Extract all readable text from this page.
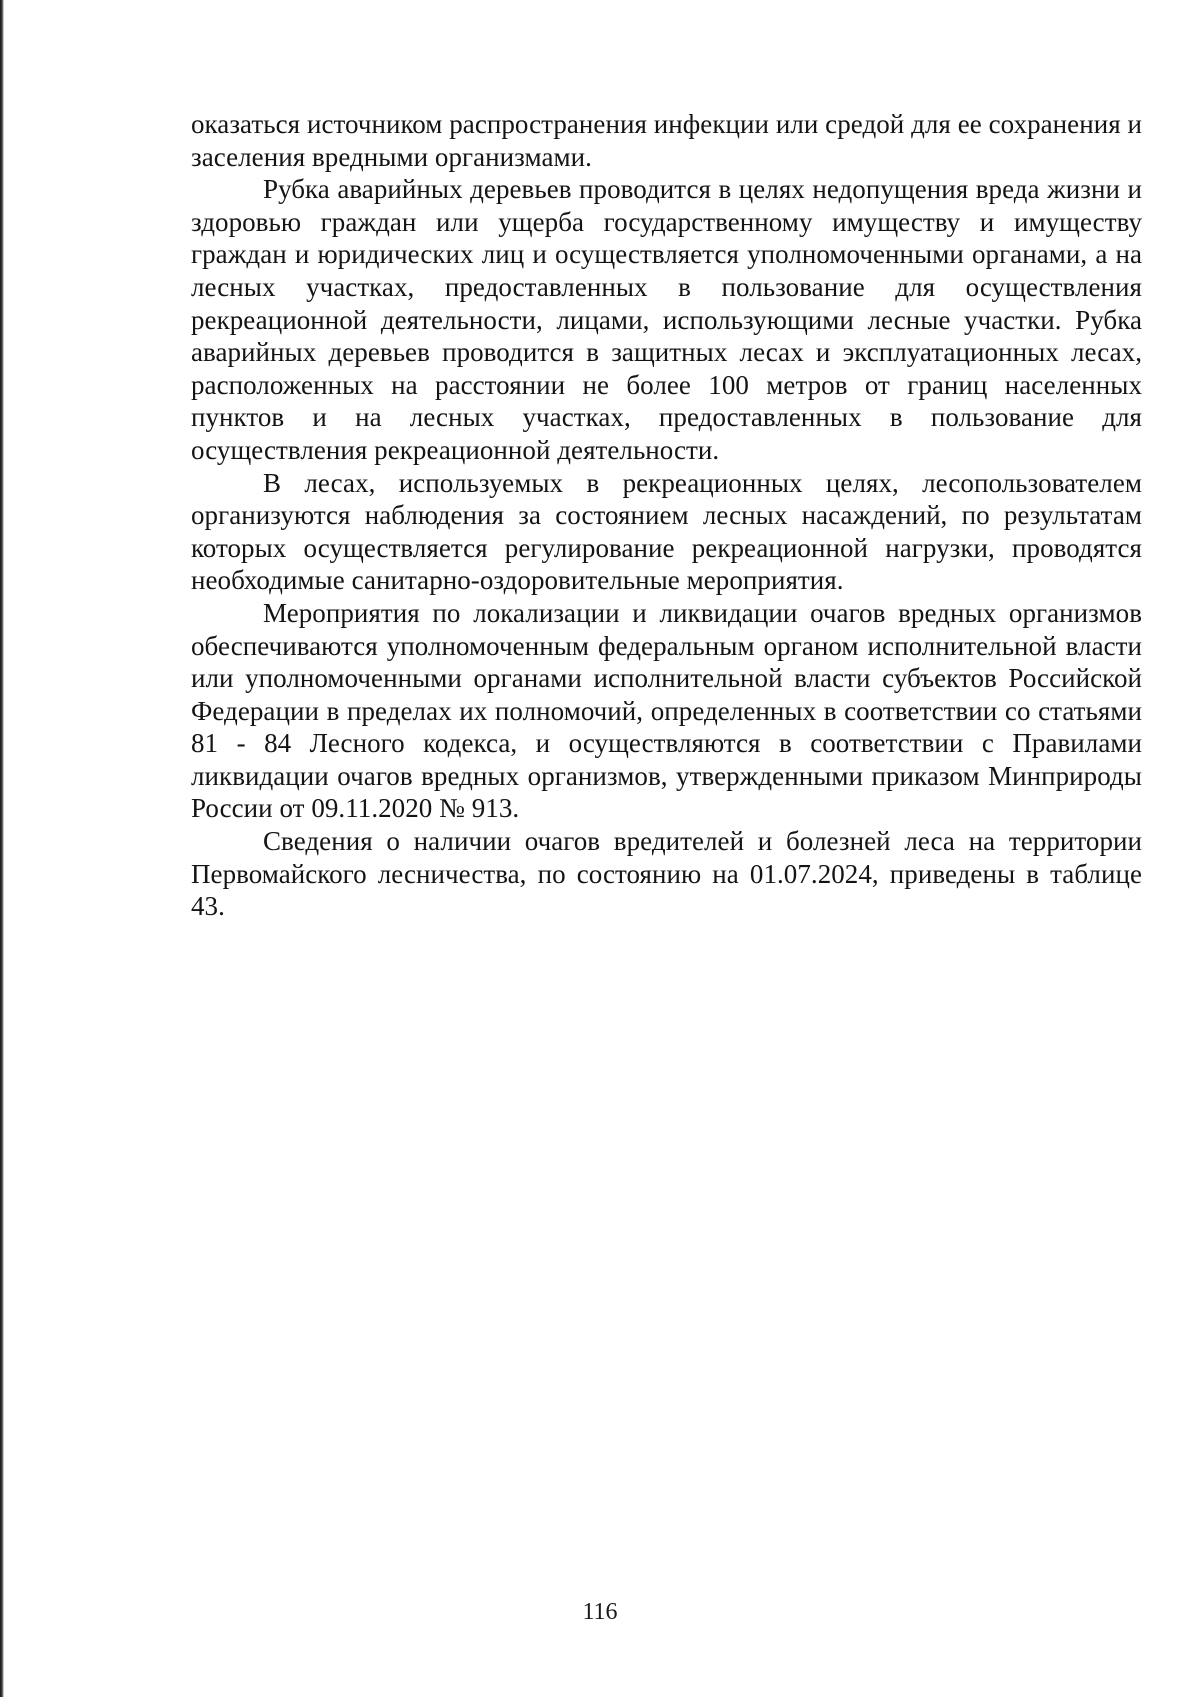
оказаться источником распространения инфекции или средой для ее сохранения и заселения вредными организмами.

Рубка аварийных деревьев проводится в целях недопущения вреда жизни и здоровью граждан или ущерба государственному имуществу и имуществу граждан и юридических лиц и осуществляется уполномоченными органами, а на лесных участках, предоставленных в пользование для осуществления рекреационной деятельности, лицами, использующими лесные участки. Рубка аварийных деревьев проводится в защитных лесах и эксплуатационных лесах, расположенных на расстоянии не более 100 метров от границ населенных пунктов и на лесных участках, предоставленных в пользование для осуществления рекреационной деятельности.

В лесах, используемых в рекреационных целях, лесопользователем организуются наблюдения за состоянием лесных насаждений, по результатам которых осуществляется регулирование рекреационной нагрузки, проводятся необходимые санитарно-оздоровительные мероприятия.

Мероприятия по локализации и ликвидации очагов вредных организмов обеспечиваются уполномоченным федеральным органом исполнительной власти или уполномоченными органами исполнительной власти субъектов Российской Федерации в пределах их полномочий, определенных в соответствии со статьями 81 - 84 Лесного кодекса, и осуществляются в соответствии с Правилами ликвидации очагов вредных организмов, утвержденными приказом Минприроды России от 09.11.2020 № 913.

Сведения о наличии очагов вредителей и болезней леса на территории Первомайского лесничества, по состоянию на 01.07.2024, приведены в таблице 43.

116
